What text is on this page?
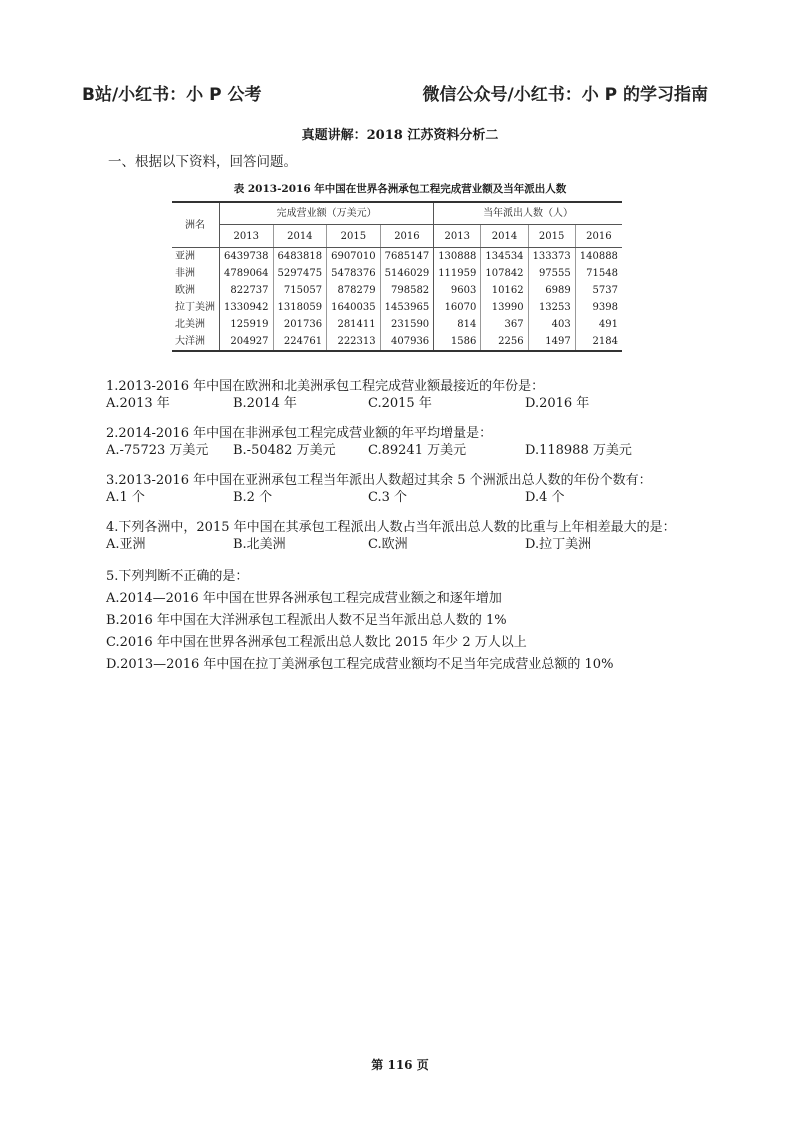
B站/小红书：小 P 公考	微信公众号/小红书：小 P 的学习指南
真题讲解：2018 江苏资料分析二
一、根据以下资料，回答问题。
表 2013-2016 年中国在世界各洲承包工程完成营业额及当年派出人数
洲名	完成营业额（万美元）				当年派出人数（人）			
	2013	2014	2015	2016	2013	2014	2015	2016
亚洲	6439738	6483818	6907010	7685147	130888	134534	133373	140888
非洲	4789064	5297475	5478376	5146029	111959	107842	97555	71548
欧洲	822737	715057	878279	798582	9603	10162	6989	5737
拉丁美洲	1330942	1318059	1640035	1453965	16070	13990	13253	9398
北美洲	125919	201736	281411	231590	814	367	403	491
大洋洲	204927	224761	222313	407936	1586	2256	1497	2184
1.2013-2016 年中国在欧洲和北美洲承包工程完成营业额最接近的年份是：
A.2013 年	B.2014 年	C.2015 年	D.2016 年
2.2014-2016 年中国在非洲承包工程完成营业额的年平均增量是：
A.-75723 万美元 B.-50482 万美元 C.89241 万美元	D.118988 万美元
3.2013-2016 年中国在亚洲承包工程当年派出人数超过其余 5 个洲派出总人数的年份个数有：
A.1 个	B.2 个	C.3 个	D.4 个
4.下列各洲中，2015 年中国在其承包工程派出人数占当年派出总人数的比重与上年相差最大的是：
A.亚洲	B.北美洲	C.欧洲	D.拉丁美洲
5.下列判断不正确的是：
A.2014—2016 年中国在世界各洲承包工程完成营业额之和逐年增加
B.2016 年中国在大洋洲承包工程派出人数不足当年派出总人数的 1%
C.2016 年中国在世界各洲承包工程派出总人数比 2015 年少 2 万人以上
D.2013—2016 年中国在拉丁美洲承包工程完成营业额均不足当年完成营业总额的 10%
第 116 页
